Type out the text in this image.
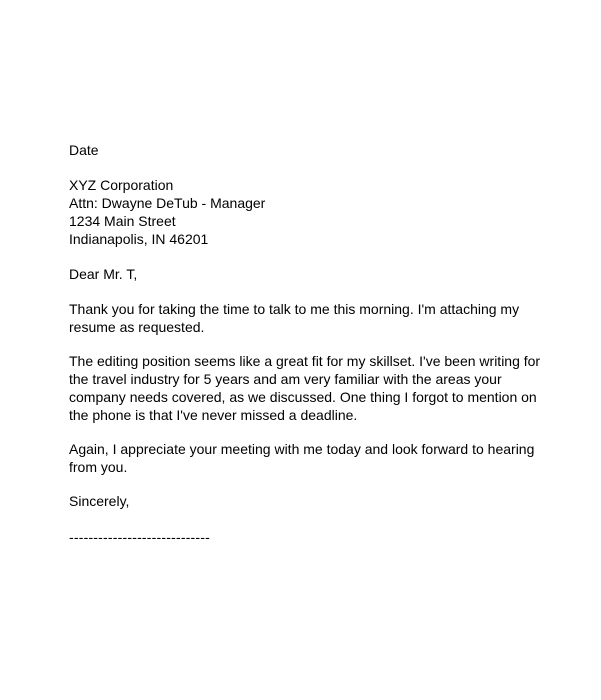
Date
XYZ Corporation
Attn: Dwayne DeTub - Manager
1234 Main Street
Indianapolis, IN 46201
Dear Mr. T,
Thank you for taking the time to talk to me this morning. I'm attaching my
resume as requested.
The editing position seems like a great fit for my skillset. I've been writing for
the travel industry for 5 years and am very familiar with the areas your
company needs covered, as we discussed. One thing I forgot to mention on
the phone is that I've never missed a deadline.
Again, I appreciate your meeting with me today and look forward to hearing
from you.
Sincerely,
-----------------------------
